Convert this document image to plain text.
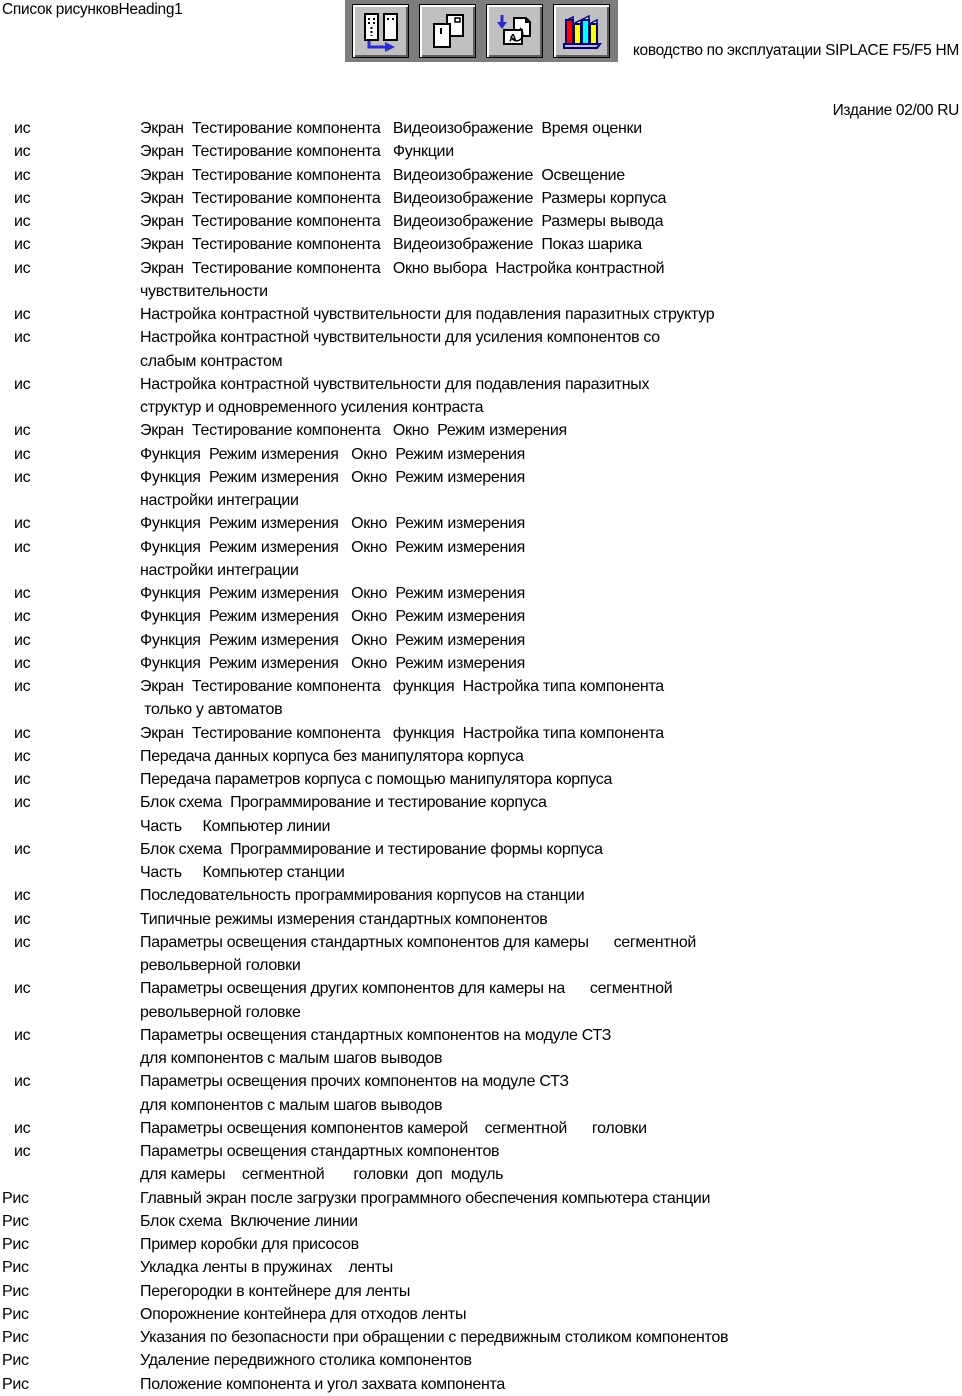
Список рисунковHeading1
A

ководство по эксплуатации SIPLACE F5/F5 HM

Издание 02/00 RU

ис	Экран  Тестирование компонента   Видеоизображение  Время оценки
ис	Экран  Тестирование компонента   Функции
ис	Экран  Тестирование компонента   Видеоизображение  Освещение
ис	Экран  Тестирование компонента   Видеоизображение  Размеры корпуса
ис	Экран  Тестирование компонента   Видеоизображение  Размеры вывода
ис	Экран  Тестирование компонента   Видеоизображение  Показ шарика
ис	Экран  Тестирование компонента   Окно выбора  Настройка контрастной
чувствительности
ис	Настройка контрастной чувствительности для подавления паразитных структур
ис	Настройка контрастной чувствительности для усиления компонентов со
слабым контрастом
ис	Настройка контрастной чувствительности для подавления паразитных
структур и одновременного усиления контраста
ис	Экран  Тестирование компонента   Окно  Режим измерения
ис	Функция  Режим измерения   Окно  Режим измерения
ис	Функция  Режим измерения   Окно  Режим измерения
настройки интеграции
ис	Функция  Режим измерения   Окно  Режим измерения
ис	Функция  Режим измерения   Окно  Режим измерения
настройки интеграции
ис	Функция  Режим измерения   Окно  Режим измерения
ис	Функция  Режим измерения   Окно  Режим измерения
ис	Функция  Режим измерения   Окно  Режим измерения
ис	Функция  Режим измерения   Окно  Режим измерения
ис	Экран  Тестирование компонента   функция  Настройка типа компонента
только у автоматов
ис	Экран  Тестирование компонента   функция  Настройка типа компонента
ис	Передача данных корпуса без манипулятора корпуса
ис	Передача параметров корпуса с помощью манипулятора корпуса
ис	Блок схема  Программирование и тестирование корпуса
Часть     Компьютер линии
ис	Блок схема  Программирование и тестирование формы корпуса
Часть     Компьютер станции
ис	Последовательность программирования корпусов на станции
ис	Типичные режимы измерения стандартных компонентов
ис	Параметры освещения стандартных компонентов для камеры      сегментной
револьверной головки
ис	Параметры освещения других компонентов для камеры на      сегментной
револьверной головке
ис	Параметры освещения стандартных компонентов на модуле СТЗ
для компонентов с малым шагов выводов
ис	Параметры освещения прочих компонентов на модуле СТЗ
для компонентов с малым шагов выводов
ис	Параметры освещения компонентов камерой    сегментной      головки
ис	Параметры освещения стандартных компонентов
для камеры    сегментной       головки  доп  модуль
Рис	Главный экран после загрузки программного обеспечения компьютера станции
Рис	Блок схема  Включение линии
Рис	Пример коробки для присосов
Рис	Укладка ленты в пружинах    ленты
Рис	Перегородки в контейнере для ленты
Рис	Опорожнение контейнера для отходов ленты
Рис	Указания по безопасности при обращении с передвижным столиком компонентов
Рис	Удаление передвижного столика компонентов
Рис	Положение компонента и угол захвата компонента
